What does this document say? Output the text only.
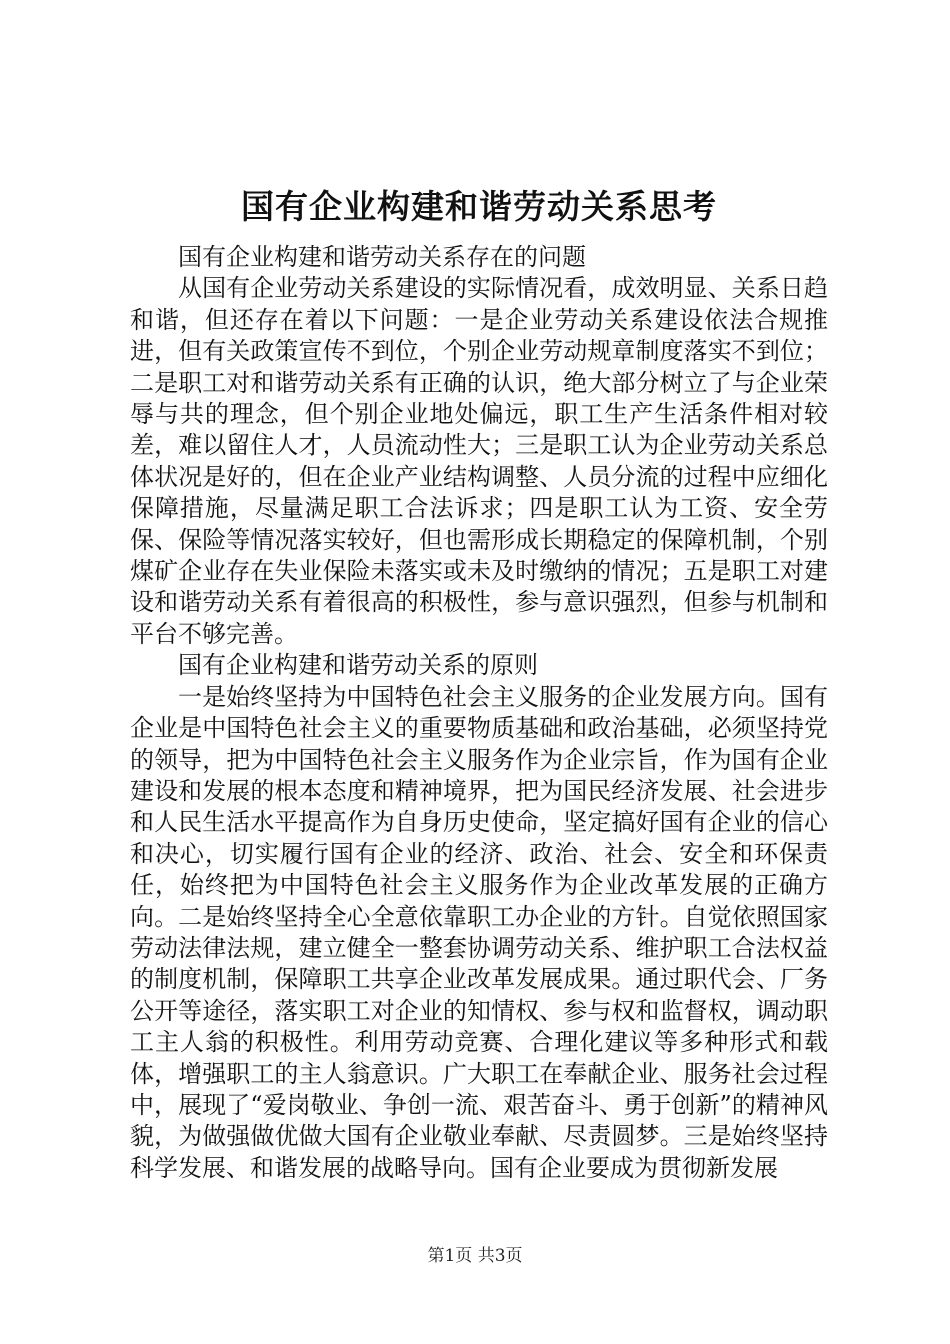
国有企业构建和谐劳动关系思考

国有企业构建和谐劳动关系存在的问题

从国有企业劳动关系建设的实际情况看，成效明显、关系日趋和谐，但还存在着以下问题：一是企业劳动关系建设依法合规推进，但有关政策宣传不到位，个别企业劳动规章制度落实不到位；二是职工对和谐劳动关系有正确的认识，绝大部分树立了与企业荣辱与共的理念，但个别企业地处偏远，职工生产生活条件相对较差，难以留住人才，人员流动性大；三是职工认为企业劳动关系总体状况是好的，但在企业产业结构调整、人员分流的过程中应细化保障措施，尽量满足职工合法诉求；四是职工认为工资、安全劳保、保险等情况落实较好，但也需形成长期稳定的保障机制，个别煤矿企业存在失业保险未落实或未及时缴纳的情况；五是职工对建设和谐劳动关系有着很高的积极性，参与意识强烈，但参与机制和平台不够完善。

国有企业构建和谐劳动关系的原则

一是始终坚持为中国特色社会主义服务的企业发展方向。国有企业是中国特色社会主义的重要物质基础和政治基础，必须坚持党的领导，把为中国特色社会主义服务作为企业宗旨，作为国有企业建设和发展的根本态度和精神境界，把为国民经济发展、社会进步和人民生活水平提高作为自身历史使命，坚定搞好国有企业的信心和决心，切实履行国有企业的经济、政治、社会、安全和环保责任，始终把为中国特色社会主义服务作为企业改革发展的正确方向。二是始终坚持全心全意依靠职工办企业的方针。自觉依照国家劳动法律法规，建立健全一整套协调劳动关系、维护职工合法权益的制度机制，保障职工共享企业改革发展成果。通过职代会、厂务公开等途径，落实职工对企业的知情权、参与权和监督权，调动职工主人翁的积极性。利用劳动竞赛、合理化建议等多种形式和载体，增强职工的主人翁意识。广大职工在奉献企业、服务社会过程中，展现了“爱岗敬业、争创一流、艰苦奋斗、勇于创新”的精神风貌，为做强做优做大国有企业敬业奉献、尽责圆梦。三是始终坚持科学发展、和谐发展的战略导向。国有企业要成为贯彻新发展

第1页 共3页
